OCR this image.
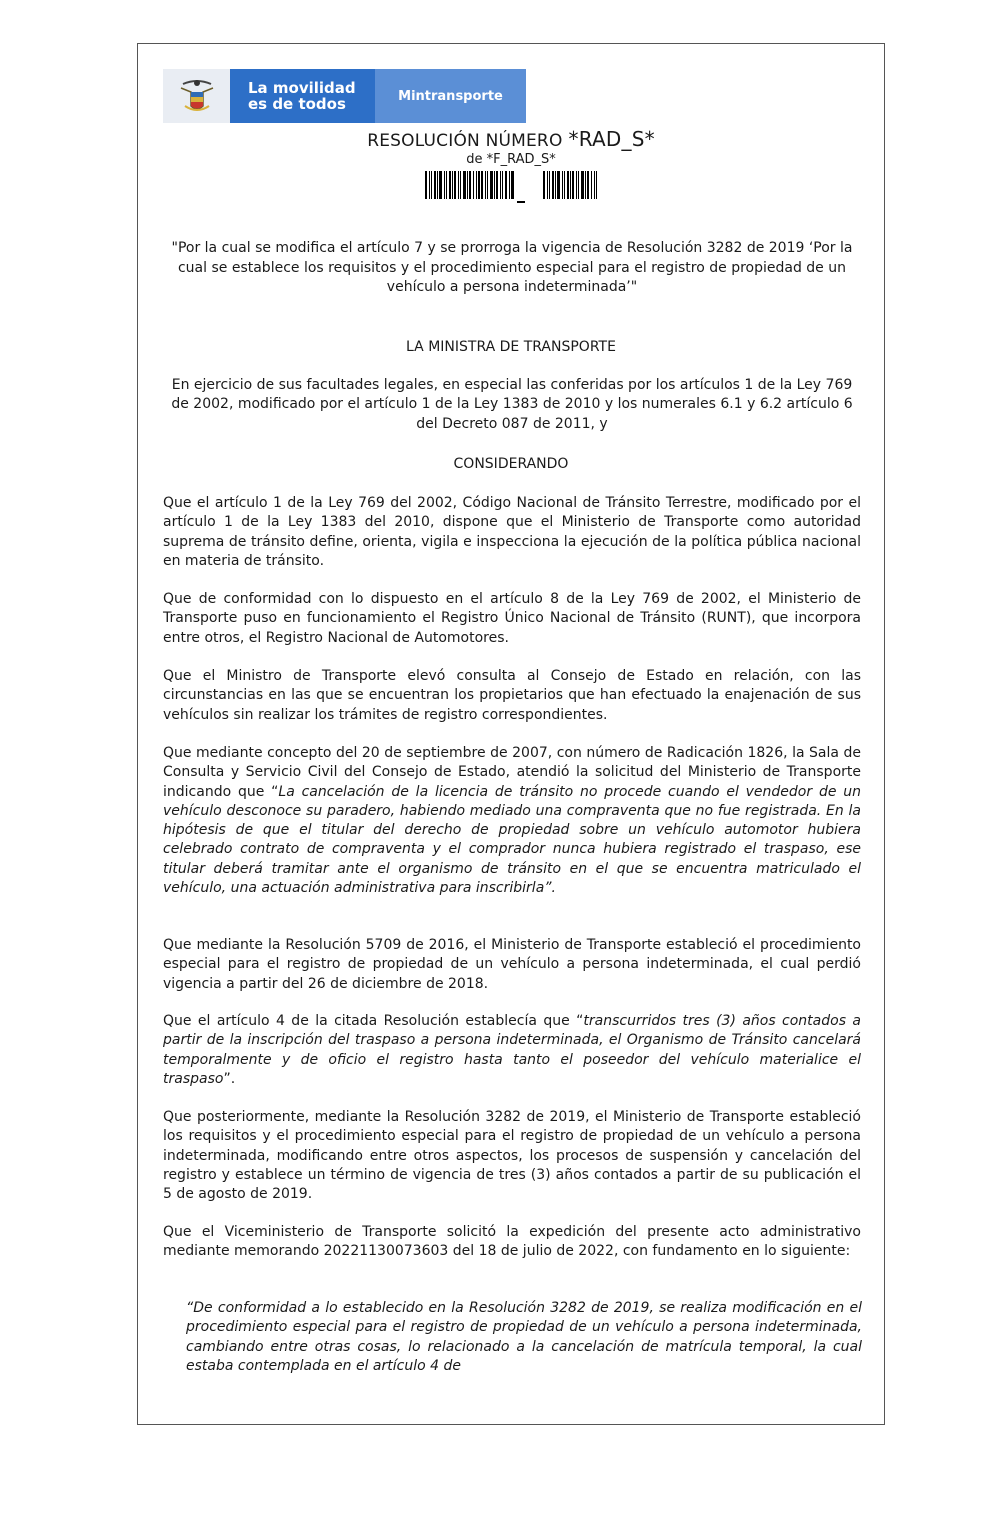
La movilidad
es de todos	Mintransporte
RESOLUCIÓN NÚMERO *RAD_S*
de *F_RAD_S*
"Por la cual se modifica el artículo 7 y se prorroga la vigencia de Resolución 3282 de 2019 ‘Por la cual se establece los requisitos y el procedimiento especial para el registro de propiedad de un vehículo a persona indeterminada’"
LA MINISTRA DE TRANSPORTE

En ejercicio de sus facultades legales, en especial las conferidas por los artículos 1 de la Ley 769 de 2002, modificado por el artículo 1 de la Ley 1383 de 2010 y los numerales 6.1 y 6.2 artículo 6 del Decreto 087 de 2011, y

CONSIDERANDO

Que el artículo 1 de la Ley 769 del 2002, Código Nacional de Tránsito Terrestre, modificado por el artículo 1 de la Ley 1383 del 2010, dispone que el Ministerio de Transporte como autoridad suprema de tránsito define, orienta, vigila e inspecciona la ejecución de la política pública nacional en materia de tránsito.

Que de conformidad con lo dispuesto en el artículo 8 de la Ley 769 de 2002, el Ministerio de Transporte puso en funcionamiento el Registro Único Nacional de Tránsito (RUNT), que incorpora entre otros, el Registro Nacional de Automotores.

Que el Ministro de Transporte elevó consulta al Consejo de Estado en relación, con las circunstancias en las que se encuentran los propietarios que han efectuado la enajenación de sus vehículos sin realizar los trámites de registro correspondientes.

Que mediante concepto del 20 de septiembre de 2007, con número de Radicación 1826, la Sala de Consulta y Servicio Civil del Consejo de Estado, atendió la solicitud del Ministerio de Transporte indicando que “La cancelación de la licencia de tránsito no procede cuando el vendedor de un vehículo desconoce su paradero, habiendo mediado una compraventa que no fue registrada. En la hipótesis de que el titular del derecho de propiedad sobre un vehículo automotor hubiera celebrado contrato de compraventa y el comprador nunca hubiera registrado el traspaso, ese titular deberá tramitar ante el organismo de tránsito en el que se encuentra matriculado el vehículo, una actuación administrativa para inscribirla”.

Que mediante la Resolución 5709 de 2016, el Ministerio de Transporte estableció el procedimiento especial para el registro de propiedad de un vehículo a persona indeterminada, el cual perdió vigencia a partir del 26 de diciembre de 2018.

Que el artículo 4 de la citada Resolución establecía que “transcurridos tres (3) años contados a partir de la inscripción del traspaso a persona indeterminada, el Organismo de Tránsito cancelará temporalmente y de oficio el registro hasta tanto el poseedor del vehículo materialice el traspaso”.

Que posteriormente, mediante la Resolución 3282 de 2019, el Ministerio de Transporte estableció los requisitos y el procedimiento especial para el registro de propiedad de un vehículo a persona indeterminada, modificando entre otros aspectos, los procesos de suspensión y cancelación del registro y establece un término de vigencia de tres (3) años contados a partir de su publicación el 5 de agosto de 2019.

Que el Viceministerio de Transporte solicitó la expedición del presente acto administrativo mediante memorando 20221130073603 del 18 de julio de 2022, con fundamento en lo siguiente:

“De conformidad a lo establecido en la Resolución 3282 de 2019, se realiza modificación en el procedimiento especial para el registro de propiedad de un vehículo a persona indeterminada, cambiando entre otras cosas, lo relacionado a la cancelación de matrícula temporal, la cual estaba contemplada en el artículo 4 de
